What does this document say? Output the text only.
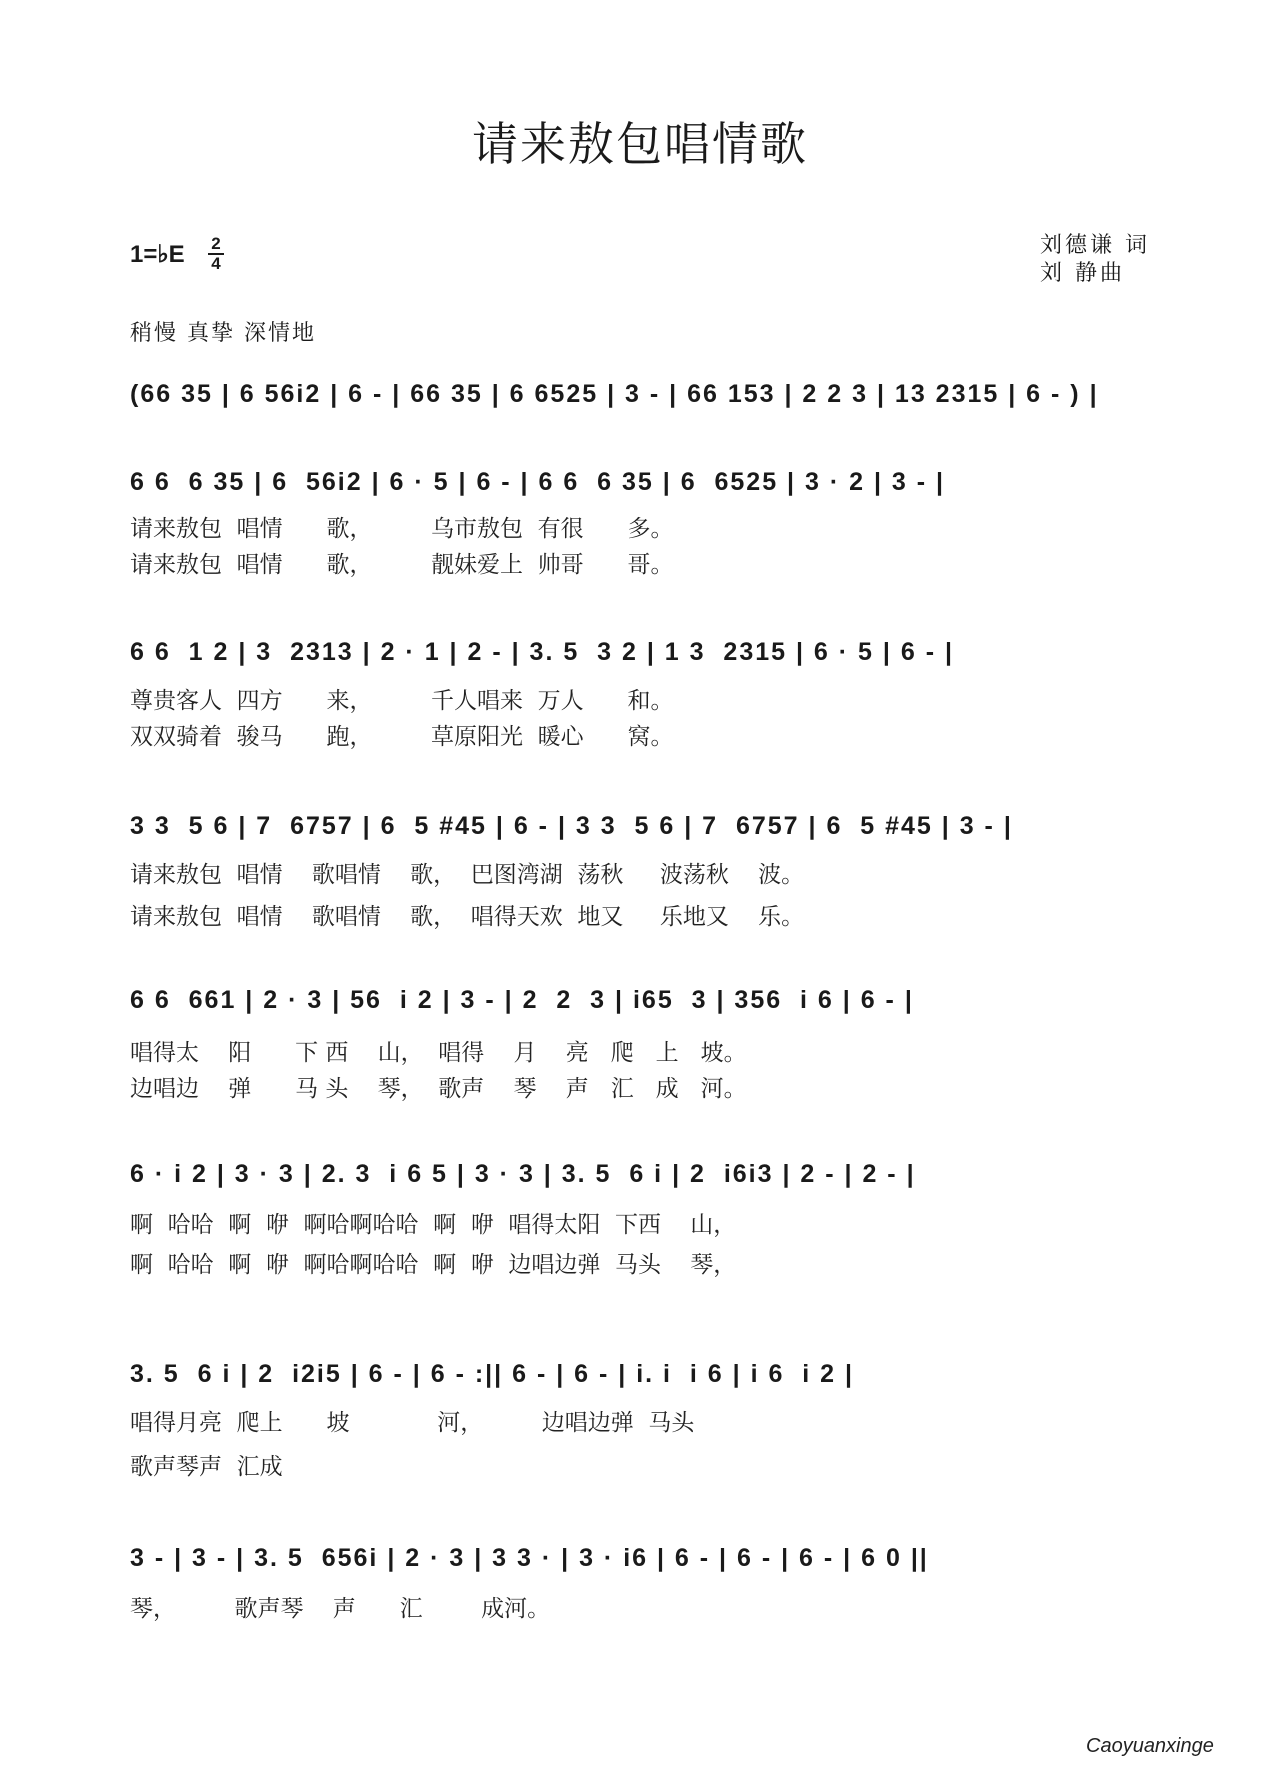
请来敖包唱情歌
1=♭E 2
4
刘德谦 词
刘 静曲
稍慢 真挚 深情地
(66 35 | 6 56i2 | 6 - | 66 35 | 6 6525 | 3 - | 66 153 | 2 2 3 | 13 2315 | 6 - ) |
6 6  6 35 | 6  56i2 | 6 · 5 | 6 - | 6 6  6 35 | 6  6525 | 3 · 2 | 3 - |
请来敖包  唱情      歌，        乌市敖包  有很      多。
请来敖包  唱情      歌，        靓妹爱上  帅哥      哥。
6 6  1 2 | 3  2313 | 2 · 1 | 2 - | 3. 5  3 2 | 1 3  2315 | 6 · 5 | 6 - |
尊贵客人  四方      来，        千人唱来  万人      和。
双双骑着  骏马      跑，        草原阳光  暖心      窝。
3 3  5 6 | 7  6757 | 6  5 #45 | 6 - | 3 3  5 6 | 7  6757 | 6  5 #45 | 3 - |
请来敖包  唱情    歌唱情    歌，  巴图湾湖  荡秋     波荡秋    波。
请来敖包  唱情    歌唱情    歌，  唱得天欢  地又     乐地又    乐。
6 6  661 | 2 · 3 | 56  i 2 | 3 - | 2  2  3 | i65  3 | 356  i 6 | 6 - |
唱得太    阳      下 西    山，  唱得    月    亮   爬   上   坡。
边唱边    弹      马 头    琴，  歌声    琴    声   汇   成   河。
6 · i 2 | 3 · 3 | 2. 3  i 6 5 | 3 · 3 | 3. 5  6 i | 2  i6i3 | 2 - | 2 - |
啊  哈哈  啊  咿  啊哈啊哈哈  啊  咿  唱得太阳  下西    山，
啊  哈哈  啊  咿  啊哈啊哈哈  啊  咿  边唱边弹  马头    琴，
3. 5  6 i | 2  i2i5 | 6 - | 6 - :|| 6 - | 6 - | i. i  i 6 | i 6  i 2 |
唱得月亮  爬上      坡            河，        边唱边弹  马头
歌声琴声  汇成
3 - | 3 - | 3. 5  656i | 2 · 3 | 3 3 · | 3 · i6 | 6 - | 6 - | 6 - | 6 0 ||
琴，        歌声琴    声      汇        成河。
Caoyuanxinge
